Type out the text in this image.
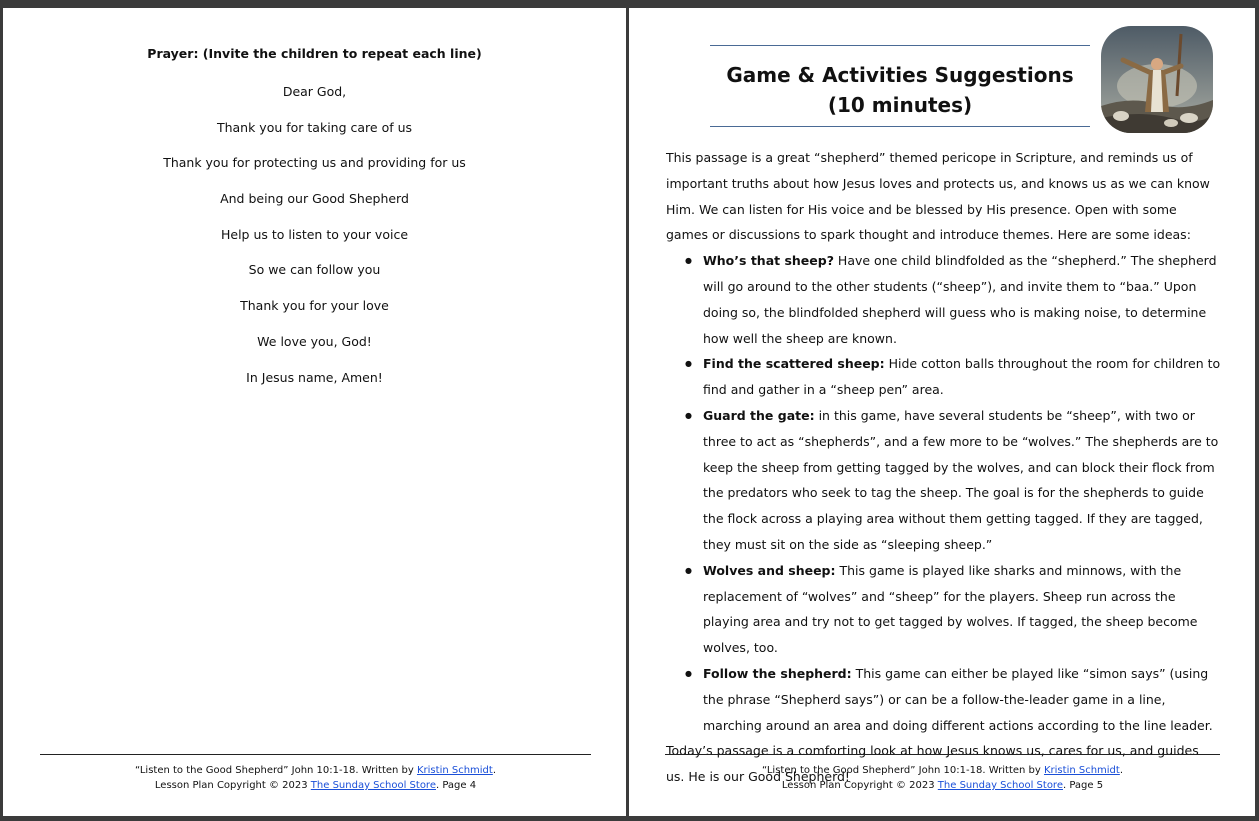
Prayer: (Invite the children to repeat each line)

Dear God,

Thank you for taking care of us

Thank you for protecting us and providing for us

And being our Good Shepherd

Help us to listen to your voice

So we can follow you

Thank you for your love

We love you, God!

In Jesus name, Amen!

“Listen to the Good Shepherd” John 10:1-18. Written by Kristin Schmidt.
Lesson Plan Copyright © 2023 The Sunday School Store. Page 4
Game & Activities Suggestions
(10 minutes)

This passage is a great “shepherd” themed pericope in Scripture, and reminds us of important truths about how Jesus loves and protects us, and knows us as we can know Him. We can listen for His voice and be blessed by His presence. Open with some games or discussions to spark thought and introduce themes. Here are some ideas:

● Who’s that sheep? Have one child blindfolded as the “shepherd.” The shepherd will go around to the other students (“sheep”), and invite them to “baa.” Upon doing so, the blindfolded shepherd will guess who is making noise, to determine how well the sheep are known.
● Find the scattered sheep: Hide cotton balls throughout the room for children to find and gather in a “sheep pen” area.
● Guard the gate: in this game, have several students be “sheep”, with two or three to act as “shepherds”, and a few more to be “wolves.” The shepherds are to keep the sheep from getting tagged by the wolves, and can block their flock from the predators who seek to tag the sheep. The goal is for the shepherds to guide the flock across a playing area without them getting tagged. If they are tagged, they must sit on the side as “sleeping sheep.”
● Wolves and sheep: This game is played like sharks and minnows, with the replacement of “wolves” and “sheep” for the players. Sheep run across the playing area and try not to get tagged by wolves. If tagged, the sheep become wolves, too.
● Follow the shepherd: This game can either be played like “simon says” (using the phrase “Shepherd says”) or can be a follow-the-leader game in a line, marching around an area and doing different actions according to the line leader.

Today’s passage is a comforting look at how Jesus knows us, cares for us, and guides us. He is our Good Shepherd!

“Listen to the Good Shepherd” John 10:1-18. Written by Kristin Schmidt.
Lesson Plan Copyright © 2023 The Sunday School Store. Page 5
